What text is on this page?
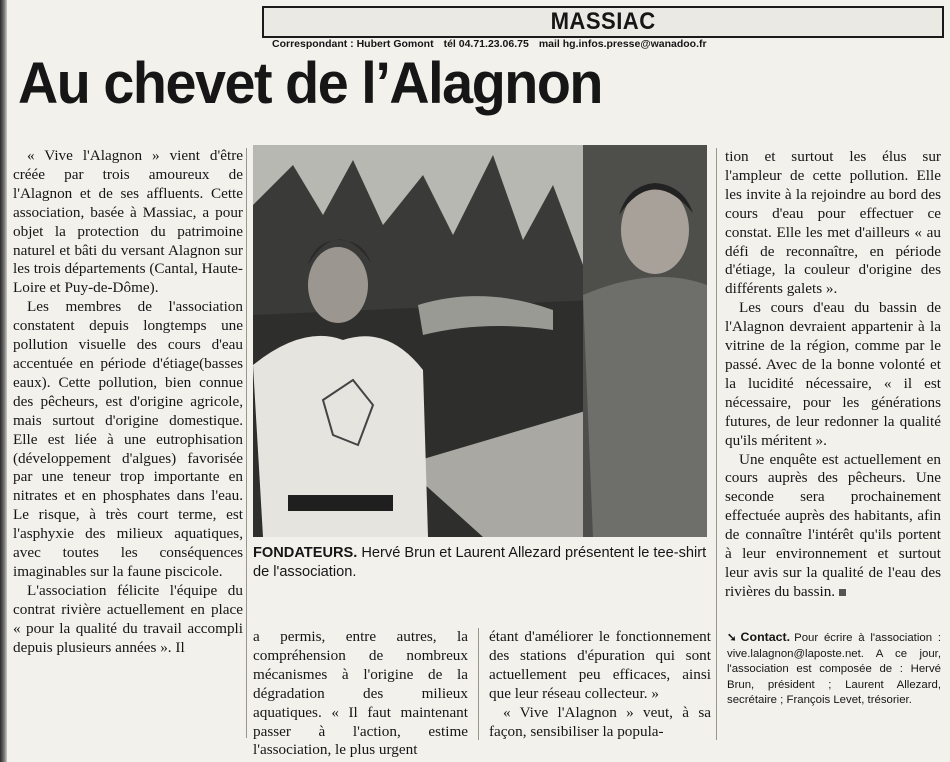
MASSIAC
Correspondant : Hubert Gomont tél 04.71.23.06.75 mail hg.infos.presse@wanadoo.fr
Au chevet de l’Alagnon

« Vive l'Alagnon » vient d'être créée par trois amoureux de l'Alagnon et de ses affluents. Cette association, basée à Massiac, a pour objet la protection du patrimoine naturel et bâti du versant Alagnon sur les trois départements (Cantal, Haute-Loire et Puy-de-Dôme).

Les membres de l'association constatent depuis longtemps une pollution visuelle des cours d'eau accentuée en période d'étiage(basses eaux). Cette pollution, bien connue des pêcheurs, est d'origine agricole, mais surtout d'origine domestique. Elle est liée à une eutrophisation (développement d'algues) favorisée par une teneur trop importante en nitrates et en phosphates dans l'eau. Le risque, à très court terme, est l'asphyxie des milieux aquatiques, avec toutes les conséquences imaginables sur la faune piscicole.

L'association félicite l'équipe du contrat rivière actuellement en place « pour la qualité du travail accompli depuis plusieurs années ». Il

FONDATEURS. Hervé Brun et Laurent Allezard présentent le tee-shirt de l'association.

a permis, entre autres, la compréhension de nombreux mécanismes à l'origine de la dégradation des milieux aquatiques. « Il faut maintenant passer à l'action, estime l'association, le plus urgent

étant d'améliorer le fonctionnement des stations d'épuration qui sont actuellement peu efficaces, ainsi que leur réseau collecteur. »

« Vive l'Alagnon » veut, à sa façon, sensibiliser la popula-

tion et surtout les élus sur l'ampleur de cette pollution. Elle les invite à la rejoindre au bord des cours d'eau pour effectuer ce constat. Elle les met d'ailleurs « au défi de reconnaître, en période d'étiage, la couleur d'origine des différents galets ».

Les cours d'eau du bassin de l'Alagnon devraient appartenir à la vitrine de la région, comme par le passé. Avec de la bonne volonté et la lucidité nécessaire, « il est nécessaire, pour les générations futures, de leur redonner la qualité qu'ils méritent ».

Une enquête est actuellement en cours auprès des pêcheurs. Une seconde sera prochainement effectuée auprès des habitants, afin de connaître l'intérêt qu'ils portent à leur environnement et surtout leur avis sur la qualité de l'eau des rivières du bassin.

➘ Contact. Pour écrire à l'association : vive.lalagnon@laposte.net. A ce jour, l'association est composée de : Hervé Brun, président ; Laurent Allezard, secrétaire ; François Levet, trésorier.
